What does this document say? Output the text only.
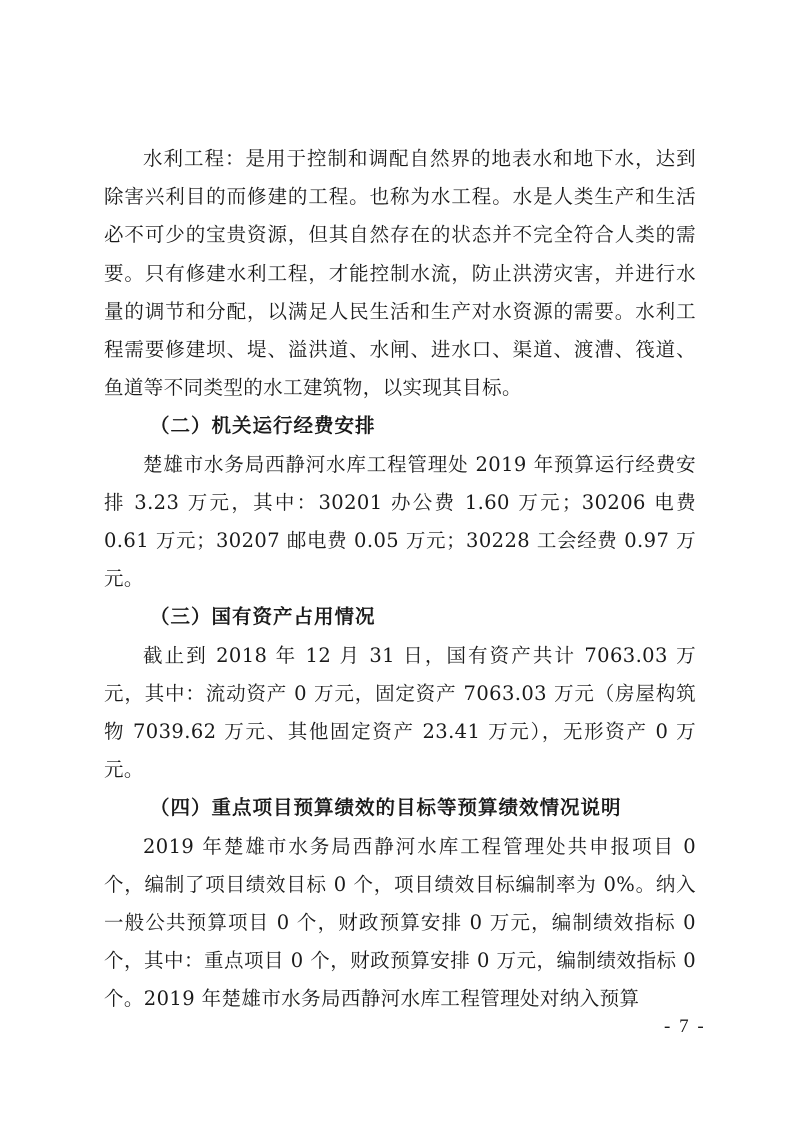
水利工程：是用于控制和调配自然界的地表水和地下水，达到除害兴利目的而修建的工程。也称为水工程。水是人类生产和生活必不可少的宝贵资源，但其自然存在的状态并不完全符合人类的需要。只有修建水利工程，才能控制水流，防止洪涝灾害，并进行水量的调节和分配，以满足人民生活和生产对水资源的需要。水利工程需要修建坝、堤、溢洪道、水闸、进水口、渠道、渡漕、筏道、鱼道等不同类型的水工建筑物，以实现其目标。

（二）机关运行经费安排

楚雄市水务局西静河水库工程管理处 2019 年预算运行经费安排 3.23 万元，其中：30201 办公费 1.60 万元；30206 电费 0.61 万元；30207 邮电费 0.05 万元；30228 工会经费 0.97 万元。

（三）国有资产占用情况

截止到 2018 年 12 月 31 日，国有资产共计 7063.03 万元，其中：流动资产 0 万元，固定资产 7063.03 万元（房屋构筑物 7039.62 万元、其他固定资产 23.41 万元），无形资产 0 万元。

（四）重点项目预算绩效的目标等预算绩效情况说明

2019 年楚雄市水务局西静河水库工程管理处共申报项目 0 个，编制了项目绩效目标 0 个，项目绩效目标编制率为 0%。纳入一般公共预算项目 0 个，财政预算安排 0 万元，编制绩效指标 0 个，其中：重点项目 0 个，财政预算安排 0 万元，编制绩效指标 0 个。2019 年楚雄市水务局西静河水库工程管理处对纳入预算

- 7 -
